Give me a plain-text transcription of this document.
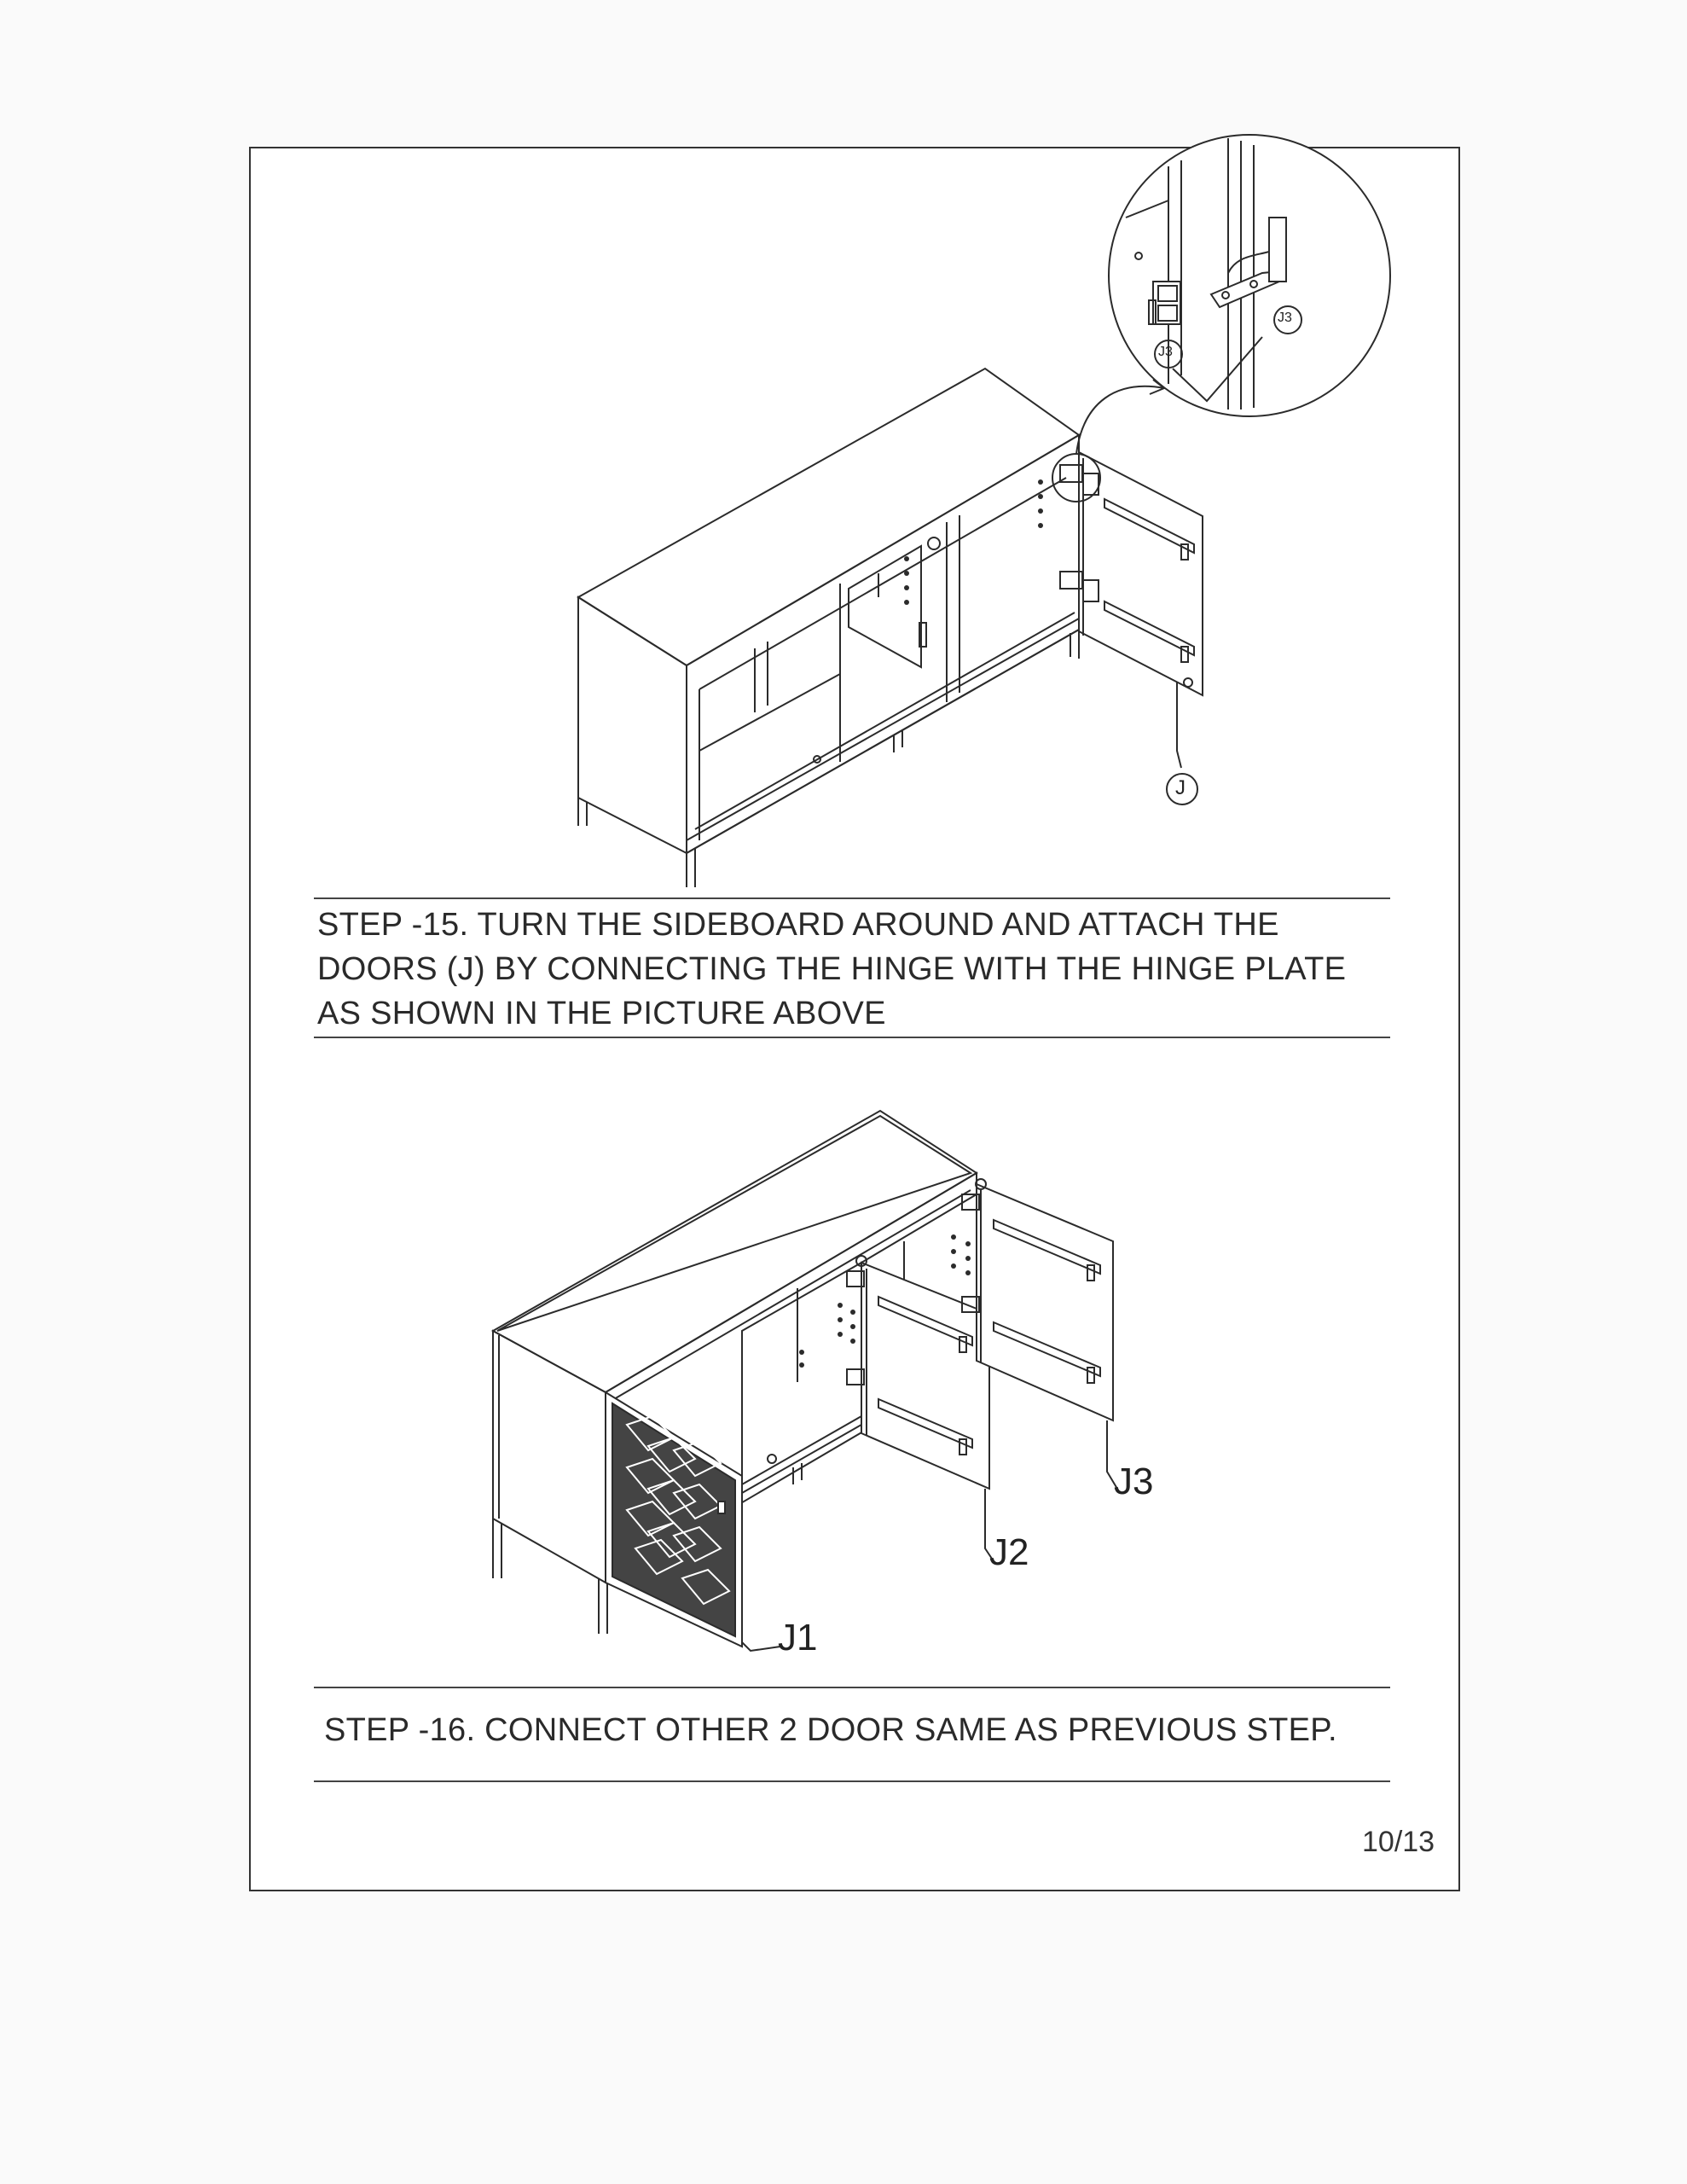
J3
J3
J
STEP -15. TURN THE SIDEBOARD AROUND AND ATTACH THE
DOORS (J) BY CONNECTING THE HINGE WITH THE HINGE PLATE
AS SHOWN IN THE PICTURE ABOVE
J1
J2
J3
STEP -16. CONNECT OTHER 2 DOOR SAME AS PREVIOUS STEP.
10/13
